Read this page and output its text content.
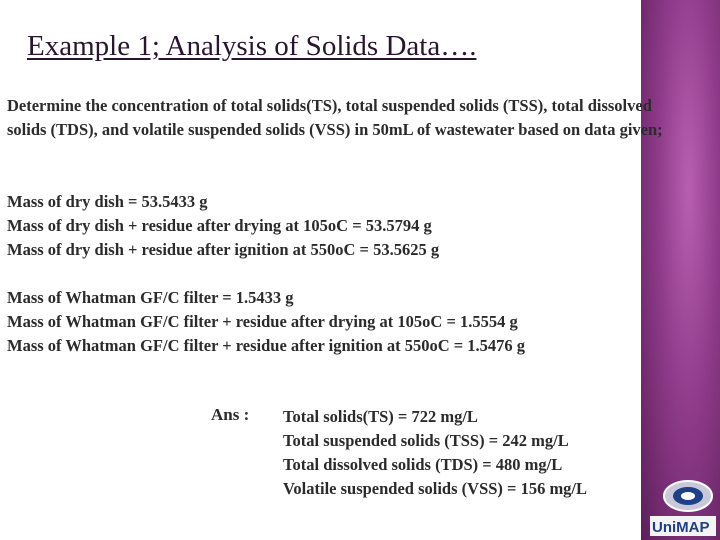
Example 1; Analysis of Solids Data….
Determine the concentration of total solids(TS), total suspended solids (TSS), total dissolved solids (TDS), and volatile suspended solids (VSS) in 50mL of wastewater based on data given;
Mass of dry dish = 53.5433 g
Mass of dry dish + residue after drying at 105oC = 53.5794 g
Mass of dry dish + residue after ignition at 550oC = 53.5625 g
Mass of Whatman GF/C filter = 1.5433 g
Mass of Whatman GF/C filter + residue after drying at 105oC = 1.5554 g
Mass of Whatman GF/C filter + residue after ignition at 550oC = 1.5476 g
Ans : Total solids(TS) = 722 mg/L
Total suspended solids (TSS) = 242 mg/L
Total dissolved solids (TDS) = 480 mg/L
Volatile suspended solids (VSS) = 156 mg/L
UniMAP
